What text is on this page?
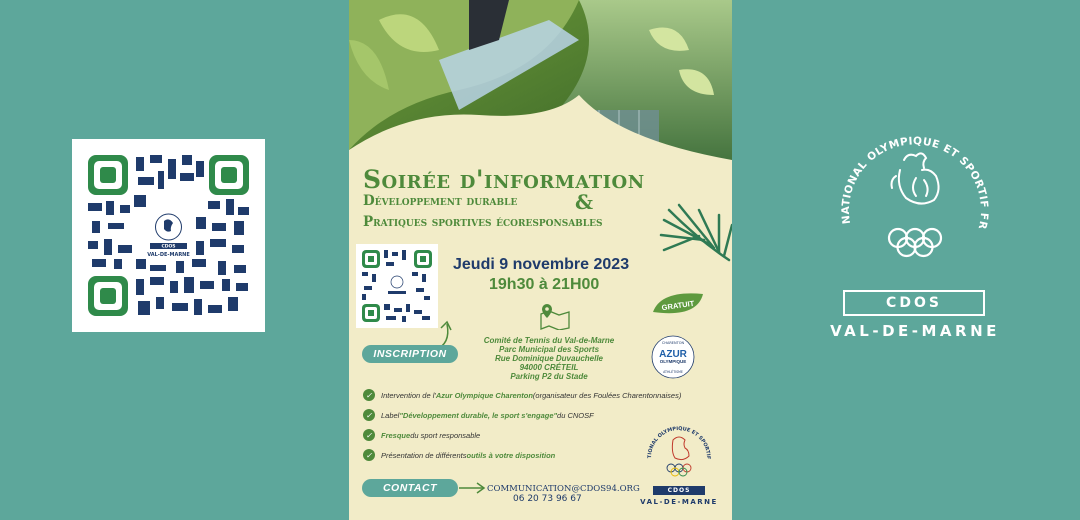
CDOS
VAL-DE-MARNE
Soirée d'information
Développement durable	&
Pratiques sportives écoresponsables
Jeudi 9 novembre 2023
19h30 à 21H00
GRATUIT
INSCRIPTION
Comité de Tennis du Val-de-Marne
Parc Municipal des Sports
Rue Dominique Duvauchelle
94000 CRÉTEIL
Parking P2 du Stade
CHARENTON
AZUR
OLYMPIQUE
ATHLÉTISME
✓	Intervention de l' Azur Olympique Charenton (organisateur des Foulées Charentonnaises)
✓	Label "Développement durable, le sport s'engage" du CNOSF
✓	Fresque du sport responsable
✓	Présentation de différents outils à votre disposition
CONTACT	COMMUNICATION@CDOS94.ORG
06 20 73 96 67
TIONAL OLYMPIQUE ET SPORTIF
CDOS
VAL-DE-MARNE
NATIONAL OLYMPIQUE ET SPORTIF FR
CDOS
VAL-DE-MARNE
